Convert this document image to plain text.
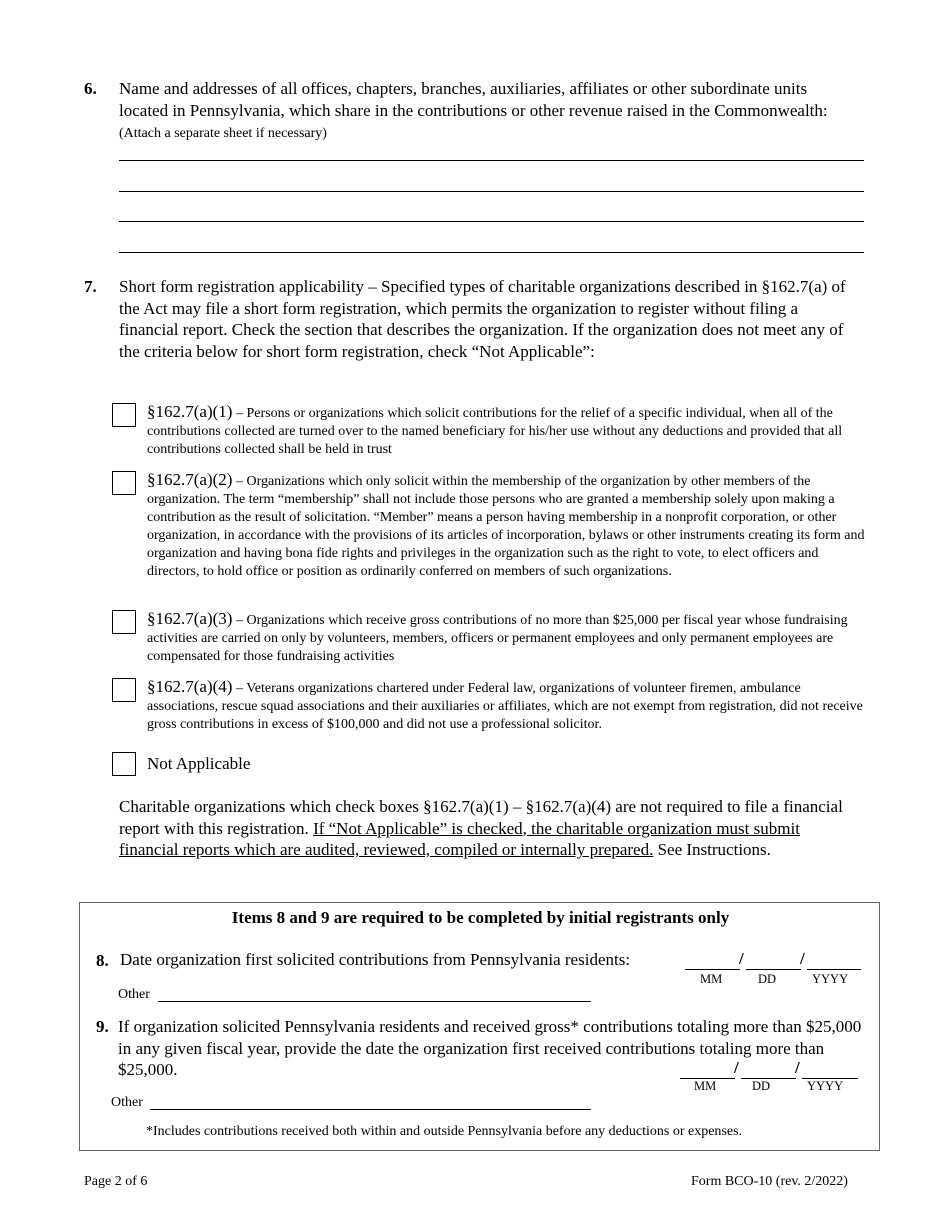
6. Name and addresses of all offices, chapters, branches, auxiliaries, affiliates or other subordinate units located in Pennsylvania, which share in the contributions or other revenue raised in the Commonwealth: (Attach a separate sheet if necessary)
7. Short form registration applicability – Specified types of charitable organizations described in §162.7(a) of the Act may file a short form registration, which permits the organization to register without filing a financial report. Check the section that describes the organization. If the organization does not meet any of the criteria below for short form registration, check “Not Applicable”:
§162.7(a)(1) – Persons or organizations which solicit contributions for the relief of a specific individual, when all of the contributions collected are turned over to the named beneficiary for his/her use without any deductions and provided that all contributions collected shall be held in trust
§162.7(a)(2) – Organizations which only solicit within the membership of the organization by other members of the organization. The term “membership” shall not include those persons who are granted a membership solely upon making a contribution as the result of solicitation. “Member” means a person having membership in a nonprofit corporation, or other organization, in accordance with the provisions of its articles of incorporation, bylaws or other instruments creating its form and organization and having bona fide rights and privileges in the organization such as the right to vote, to elect officers and directors, to hold office or position as ordinarily conferred on members of such organizations.
§162.7(a)(3) – Organizations which receive gross contributions of no more than $25,000 per fiscal year whose fundraising activities are carried on only by volunteers, members, officers or permanent employees and only permanent employees are compensated for those fundraising activities
§162.7(a)(4) – Veterans organizations chartered under Federal law, organizations of volunteer firemen, ambulance associations, rescue squad associations and their auxiliaries or affiliates, which are not exempt from registration, did not receive gross contributions in excess of $100,000 and did not use a professional solicitor.
Not Applicable
Charitable organizations which check boxes §162.7(a)(1) – §162.7(a)(4) are not required to file a financial report with this registration. If “Not Applicable” is checked, the charitable organization must submit financial reports which are audited, reviewed, compiled or internally prepared. See Instructions.
Items 8 and 9 are required to be completed by initial registrants only
8. Date organization first solicited contributions from Pennsylvania residents:	/	/
MM	DD	YYYY
Other
9. If organization solicited Pennsylvania residents and received gross* contributions totaling more than $25,000 in any given fiscal year, provide the date the organization first received contributions totaling more than $25,000.	/	/
MM	DD	YYYY
Other
*Includes contributions received both within and outside Pennsylvania before any deductions or expenses.
Page 2 of 6	Form BCO-10 (rev. 2/2022)
